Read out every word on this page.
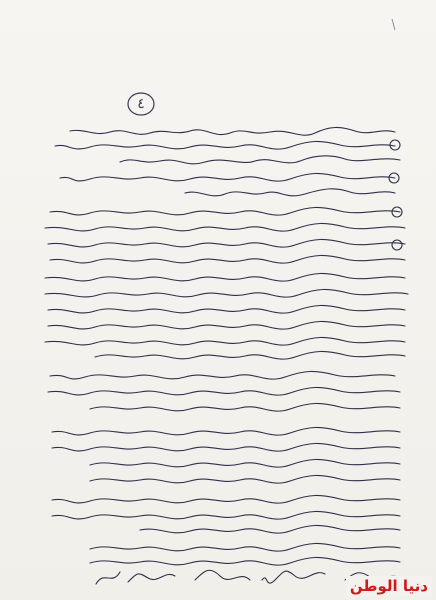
٤
دنيا الوطن
